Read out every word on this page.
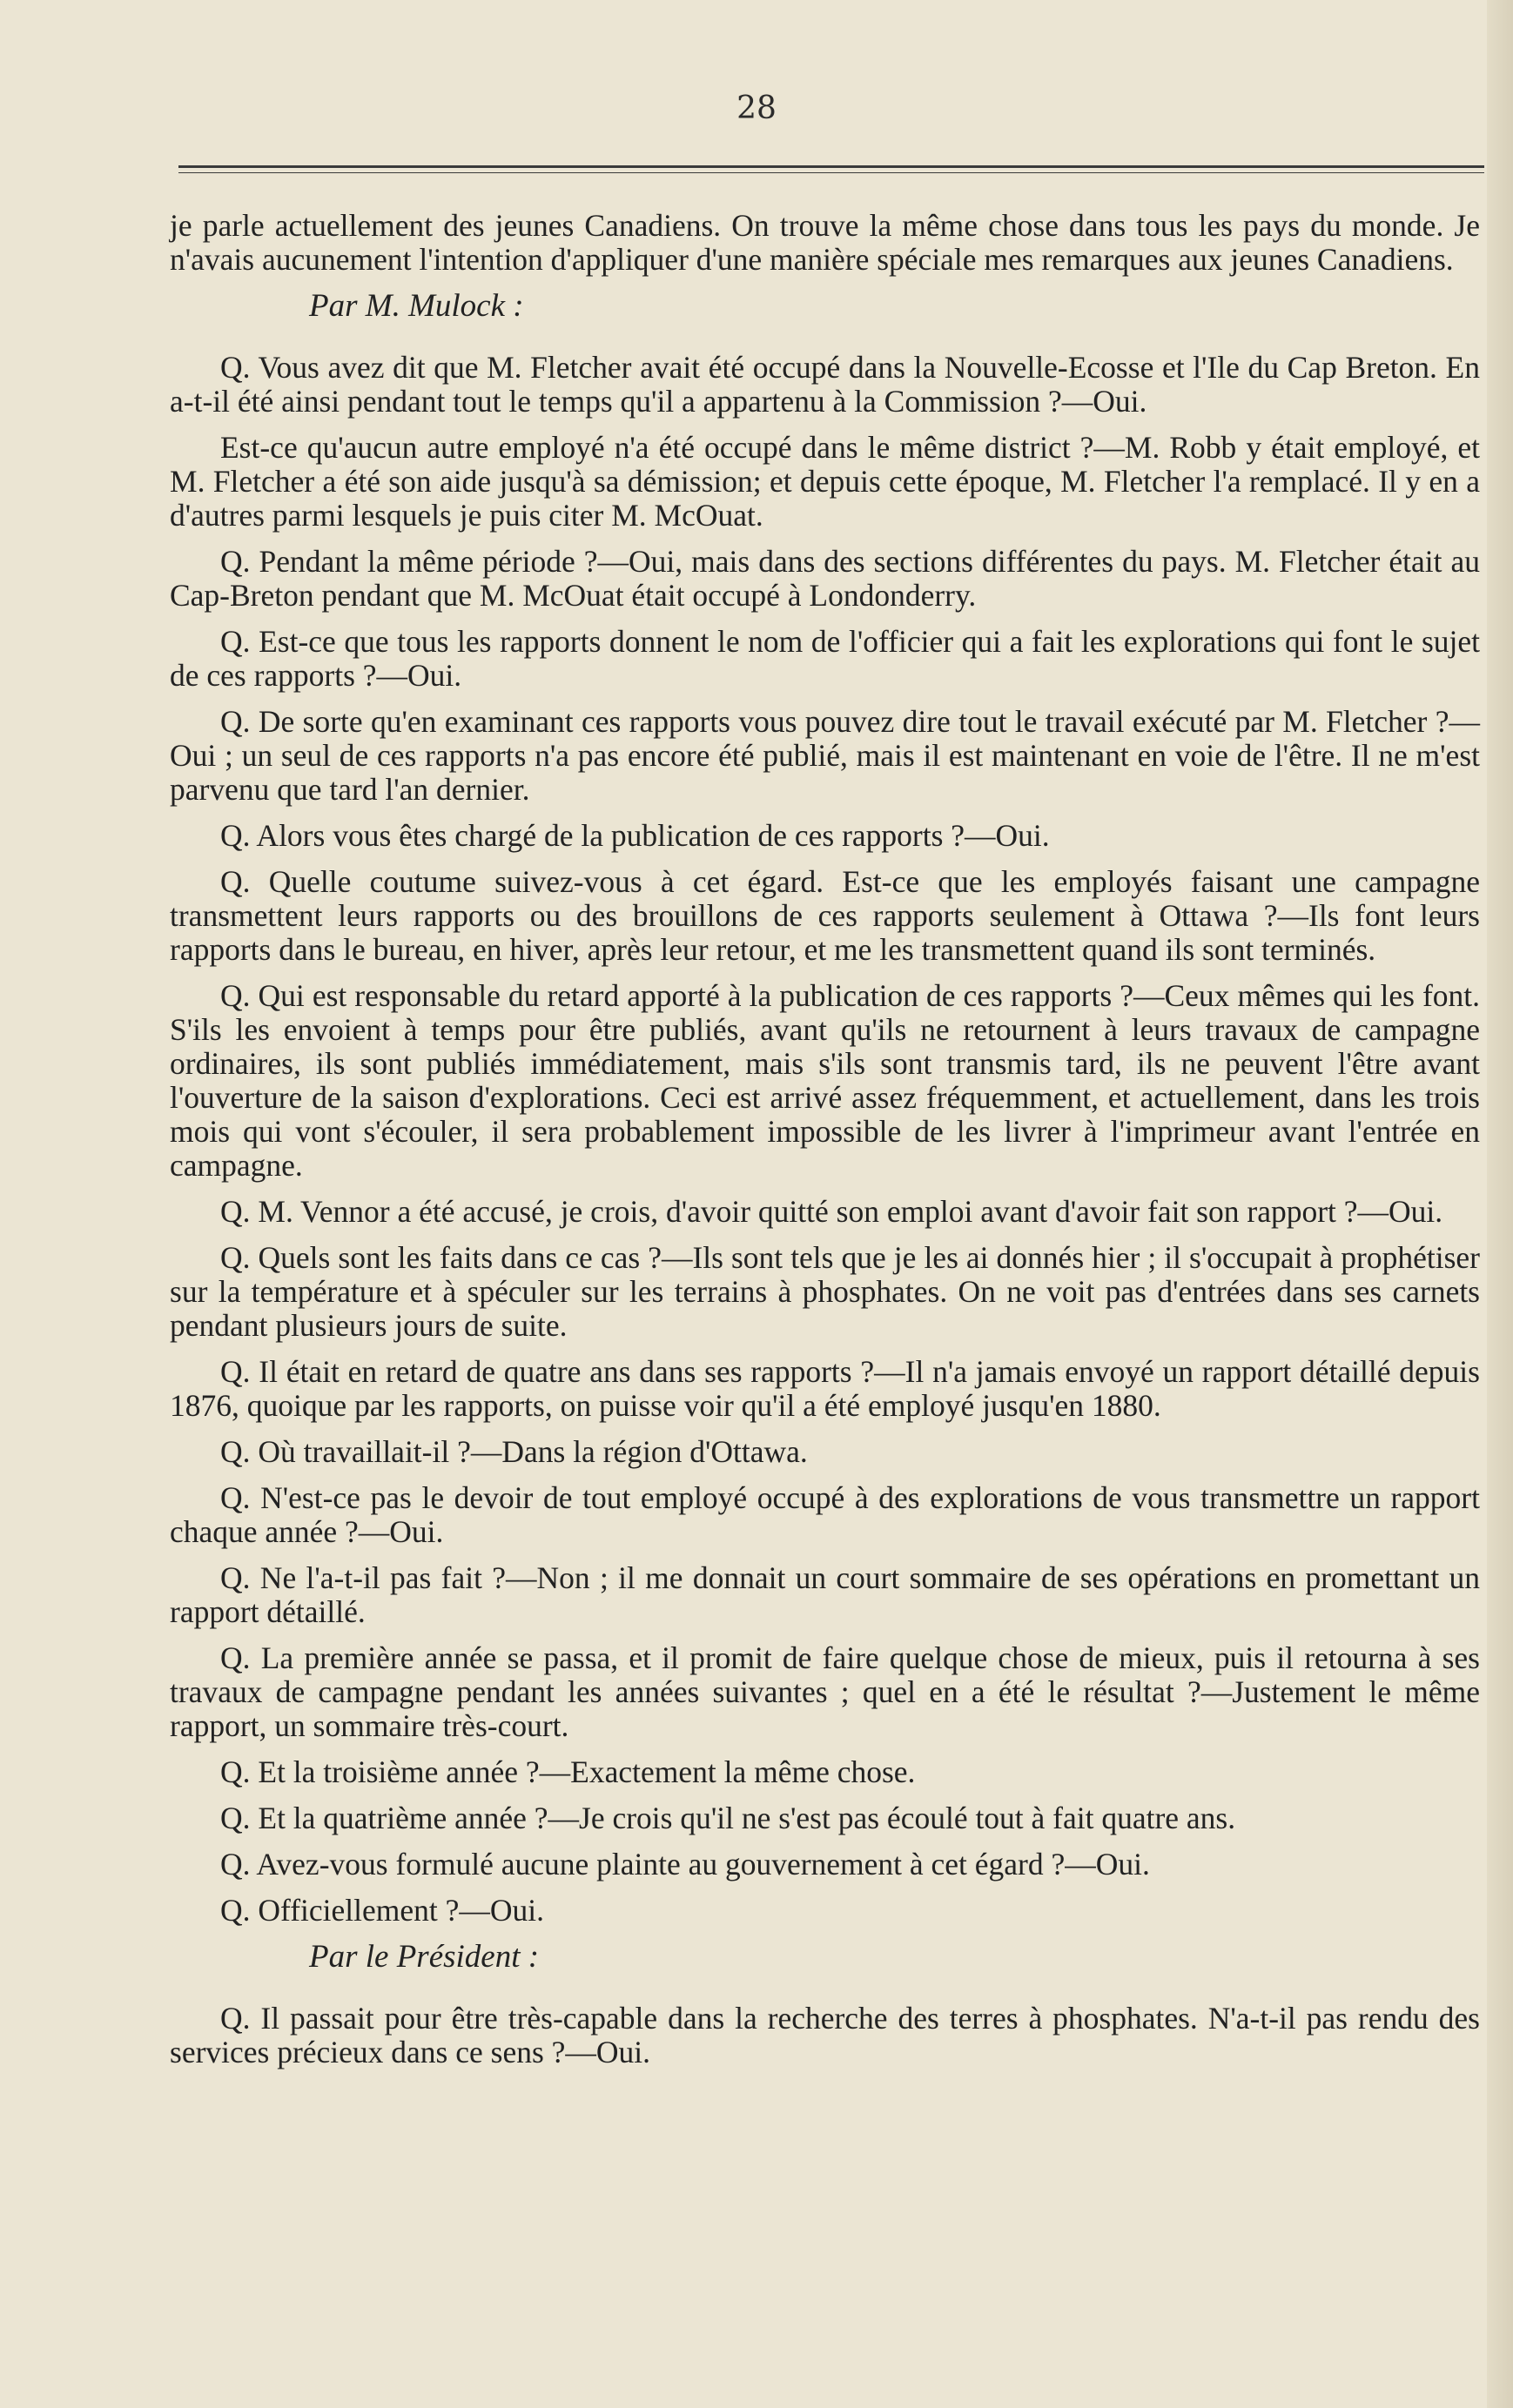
28

je parle actuellement des jeunes Canadiens. On trouve la même chose dans tous les pays du monde. Je n'avais aucunement l'intention d'appliquer d'une manière spéciale mes remarques aux jeunes Canadiens.

Par M. Mulock :

Q. Vous avez dit que M. Fletcher avait été occupé dans la Nouvelle-Ecosse et l'Ile du Cap Breton. En a-t-il été ainsi pendant tout le temps qu'il a appartenu à la Commission ?—Oui.

Est-ce qu'aucun autre employé n'a été occupé dans le même district ?—M. Robb y était employé, et M. Fletcher a été son aide jusqu'à sa démission; et depuis cette époque, M. Fletcher l'a remplacé. Il y en a d'autres parmi lesquels je puis citer M. McOuat.

Q. Pendant la même période ?—Oui, mais dans des sections différentes du pays. M. Fletcher était au Cap-Breton pendant que M. McOuat était occupé à Londonderry.

Q. Est-ce que tous les rapports donnent le nom de l'officier qui a fait les explorations qui font le sujet de ces rapports ?—Oui.

Q. De sorte qu'en examinant ces rapports vous pouvez dire tout le travail exécuté par M. Fletcher ?—Oui ; un seul de ces rapports n'a pas encore été publié, mais il est maintenant en voie de l'être. Il ne m'est parvenu que tard l'an dernier.

Q. Alors vous êtes chargé de la publication de ces rapports ?—Oui.

Q. Quelle coutume suivez-vous à cet égard. Est-ce que les employés faisant une campagne transmettent leurs rapports ou des brouillons de ces rapports seulement à Ottawa ?—Ils font leurs rapports dans le bureau, en hiver, après leur retour, et me les transmettent quand ils sont terminés.

Q. Qui est responsable du retard apporté à la publication de ces rapports ?—Ceux mêmes qui les font. S'ils les envoient à temps pour être publiés, avant qu'ils ne retournent à leurs travaux de campagne ordinaires, ils sont publiés immédiatement, mais s'ils sont transmis tard, ils ne peuvent l'être avant l'ouverture de la saison d'explorations. Ceci est arrivé assez fréquemment, et actuellement, dans les trois mois qui vont s'écouler, il sera probablement impossible de les livrer à l'imprimeur avant l'entrée en campagne.

Q. M. Vennor a été accusé, je crois, d'avoir quitté son emploi avant d'avoir fait son rapport ?—Oui.

Q. Quels sont les faits dans ce cas ?—Ils sont tels que je les ai donnés hier ; il s'occupait à prophétiser sur la température et à spéculer sur les terrains à phosphates. On ne voit pas d'entrées dans ses carnets pendant plusieurs jours de suite.

Q. Il était en retard de quatre ans dans ses rapports ?—Il n'a jamais envoyé un rapport détaillé depuis 1876, quoique par les rapports, on puisse voir qu'il a été employé jusqu'en 1880.

Q. Où travaillait-il ?—Dans la région d'Ottawa.

Q. N'est-ce pas le devoir de tout employé occupé à des explorations de vous transmettre un rapport chaque année ?—Oui.

Q. Ne l'a-t-il pas fait ?—Non ; il me donnait un court sommaire de ses opérations en promettant un rapport détaillé.

Q. La première année se passa, et il promit de faire quelque chose de mieux, puis il retourna à ses travaux de campagne pendant les années suivantes ; quel en a été le résultat ?—Justement le même rapport, un sommaire très-court.

Q. Et la troisième année ?—Exactement la même chose.

Q. Et la quatrième année ?—Je crois qu'il ne s'est pas écoulé tout à fait quatre ans.

Q. Avez-vous formulé aucune plainte au gouvernement à cet égard ?—Oui.

Q. Officiellement ?—Oui.

Par le Président :

Q. Il passait pour être très-capable dans la recherche des terres à phosphates. N'a-t-il pas rendu des services précieux dans ce sens ?—Oui.
